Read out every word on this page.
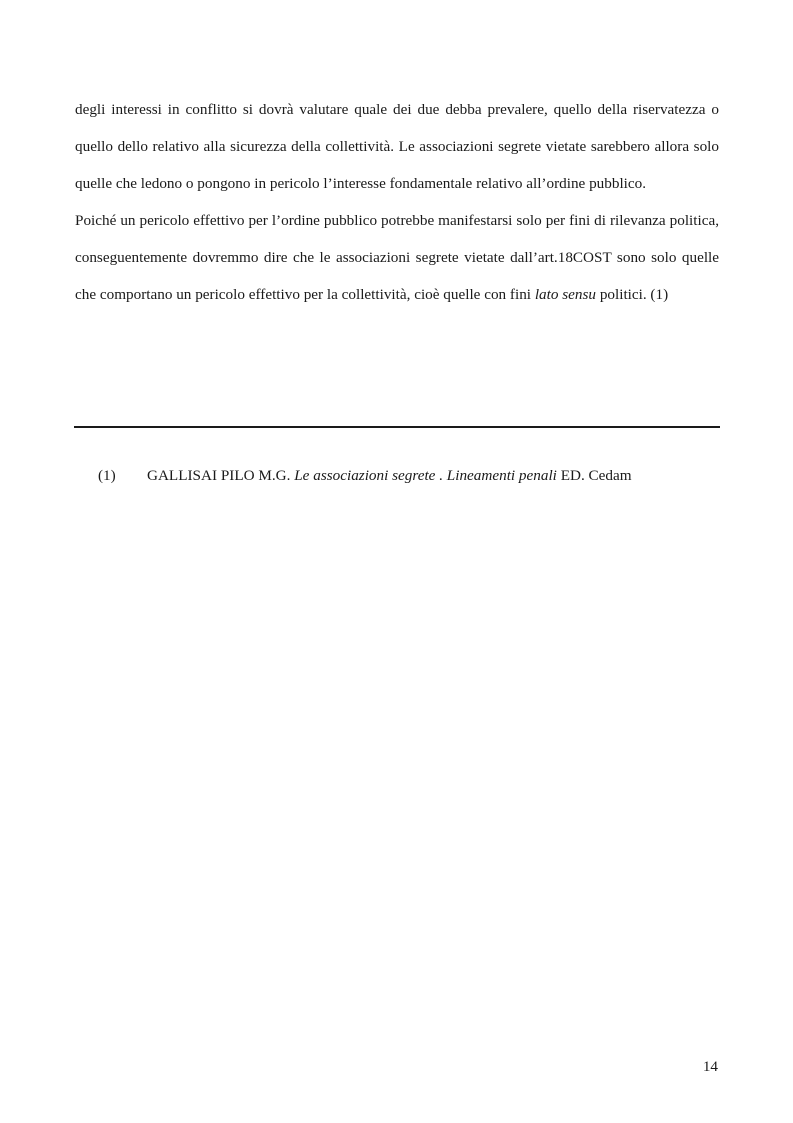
degli interessi in conflitto si dovrà valutare quale dei due debba prevalere, quello della riservatezza o quello dello relativo alla sicurezza della collettività. Le associazioni segrete vietate sarebbero allora solo quelle che ledono o pongono in pericolo l’interesse fondamentale relativo all’ordine pubblico.

Poiché un pericolo effettivo per l’ordine pubblico potrebbe manifestarsi solo per fini di rilevanza politica, conseguentemente dovremmo dire che le associazioni segrete vietate dall’art.18COST sono solo quelle che comportano un pericolo effettivo per la collettività, cioè quelle con fini lato sensu politici. (1)

(1) GALLISAI PILO M.G. Le associazioni segrete . Lineamenti penali ED. Cedam
14
